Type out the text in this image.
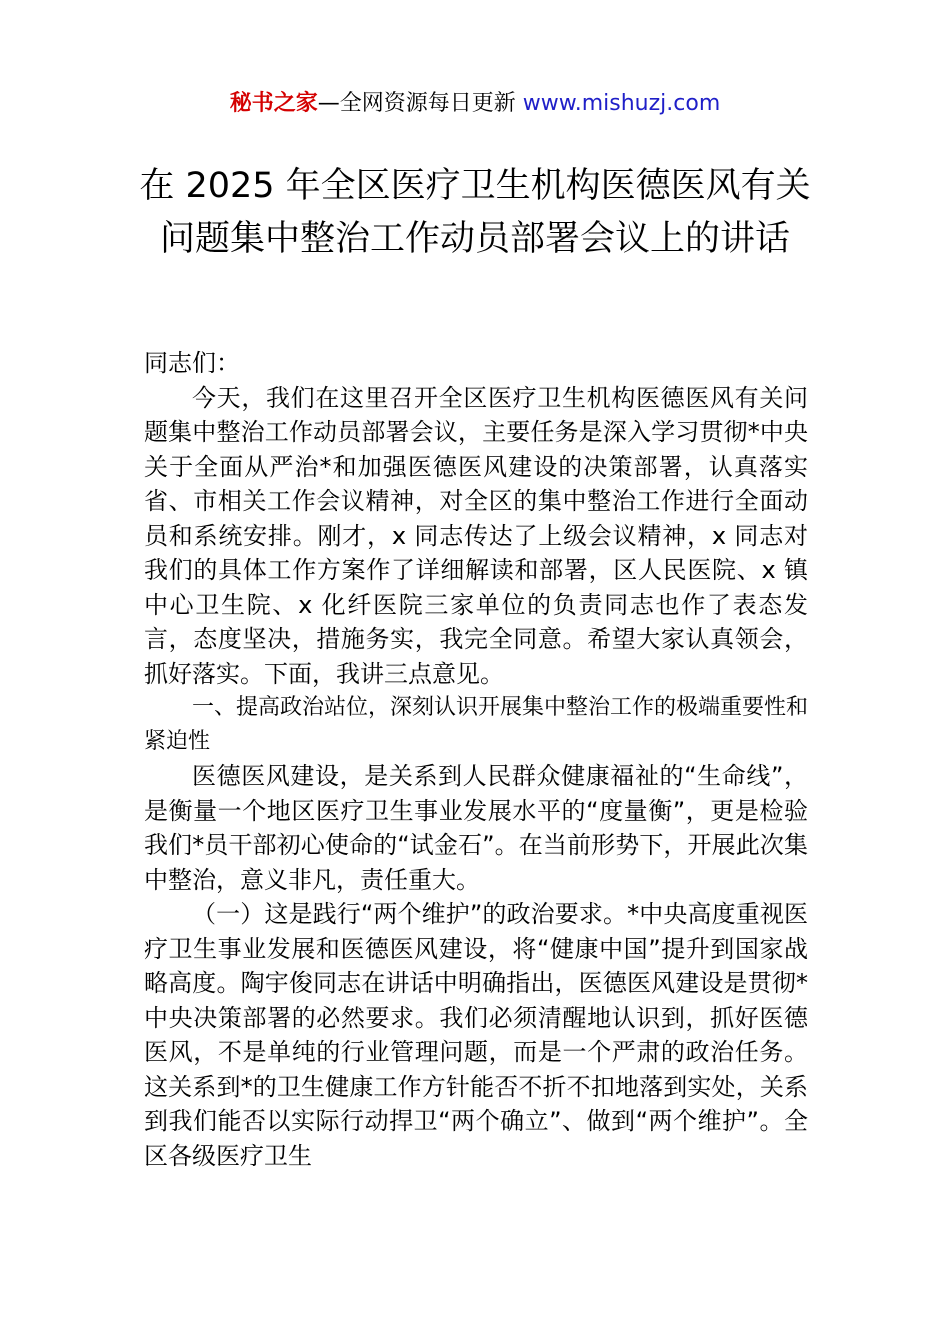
秘书之家—全网资源每日更新 www.mishuzj.com
在 2025 年全区医疗卫生机构医德医风有关
问题集中整治工作动员部署会议上的讲话

同志们：

今天，我们在这里召开全区医疗卫生机构医德医风有关问题集中整治工作动员部署会议，主要任务是深入学习贯彻*中央关于全面从严治*和加强医德医风建设的决策部署，认真落实省、市相关工作会议精神，对全区的集中整治工作进行全面动员和系统安排。刚才，x 同志传达了上级会议精神，x 同志对我们的具体工作方案作了详细解读和部署，区人民医院、x 镇中心卫生院、x 化纤医院三家单位的负责同志也作了表态发言，态度坚决，措施务实，我完全同意。希望大家认真领会，抓好落实。下面，我讲三点意见。

一、提高政治站位，深刻认识开展集中整治工作的极端重要性和紧迫性

医德医风建设，是关系到人民群众健康福祉的“生命线”，是衡量一个地区医疗卫生事业发展水平的“度量衡”，更是检验我们*员干部初心使命的“试金石”。在当前形势下，开展此次集中整治，意义非凡，责任重大。

（一）这是践行“两个维护”的政治要求。*中央高度重视医疗卫生事业发展和医德医风建设，将“健康中国”提升到国家战略高度。陶宇俊同志在讲话中明确指出，医德医风建设是贯彻*中央决策部署的必然要求。我们必须清醒地认识到，抓好医德医风，不是单纯的行业管理问题，而是一个严肃的政治任务。这关系到*的卫生健康工作方针能否不折不扣地落到实处，关系到我们能否以实际行动捍卫“两个确立”、做到“两个维护”。全区各级医疗卫生
